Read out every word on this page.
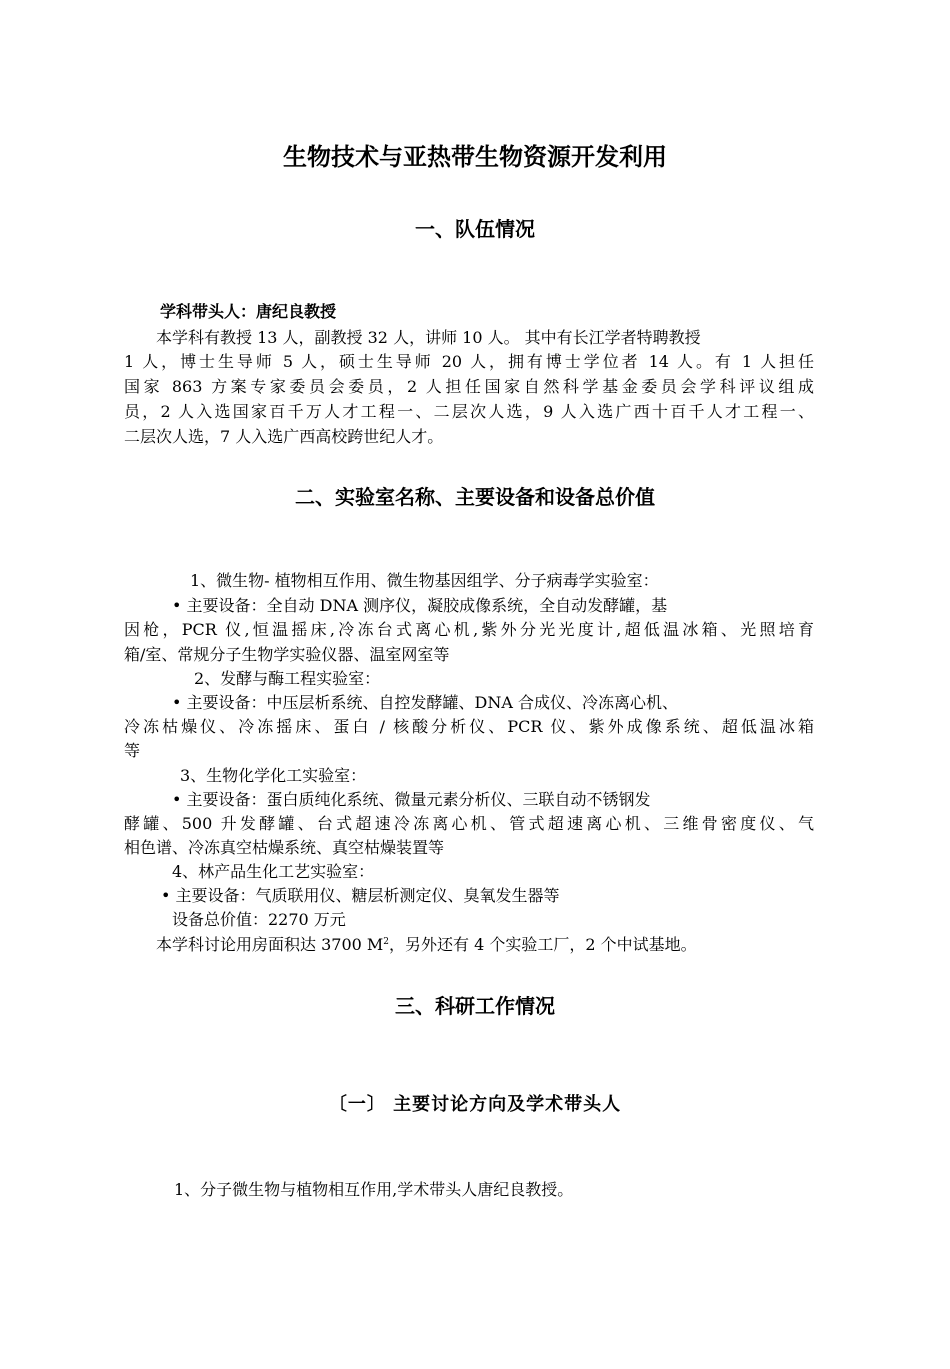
生物技术与亚热带生物资源开发利用
一、队伍情况

学科带头人：唐纪良教授

本学科有教授 13 人，副教授 32 人，讲师 10 人。 其中有长江学者特聘教授

1 人，博士生导师 5 人，硕士生导师 20 人，拥有博士学位者 14 人。有 1 人担任

国家 863 方案专家委员会委员，2 人担任国家自然科学基金委员会学科评议组成

员，2 人入选国家百千万人才工程一、二层次人选，9 人入选广西十百千人才工程一、

二层次人选，7 人入选广西高校跨世纪人才。

二、实验室名称、主要设备和设备总价值

1、微生物- 植物相互作用、微生物基因组学、分子病毒学实验室：

• 主要设备：全自动 DNA 测序仪，凝胶成像系统，全自动发酵罐，基

因枪，PCR 仪,恒温摇床,冷冻台式离心机,紫外分光光度计,超低温冰箱、光照培育

箱/室、常规分子生物学实验仪器、温室网室等

2、发酵与酶工程实验室：

• 主要设备：中压层析系统、自控发酵罐、DNA 合成仪、冷冻离心机、

冷冻枯燥仪、冷冻摇床、蛋白 / 核酸分析仪、PCR 仪、紫外成像系统、超低温冰箱

等

3、生物化学化工实验室：

• 主要设备：蛋白质纯化系统、微量元素分析仪、三联自动不锈钢发

酵罐、500 升发酵罐、台式超速冷冻离心机、管式超速离心机、三维骨密度仪、气

相色谱、冷冻真空枯燥系统、真空枯燥装置等

4、林产品生化工艺实验室：

• 主要设备：气质联用仪、糖层析测定仪、臭氧发生器等

设备总价值：2270 万元

本学科讨论用房面积达 3700 $M^2$，另外还有 4 个实验工厂，2 个中试基地。

三、科研工作情况
〔一〕 主要讨论方向及学术带头人

1、分子微生物与植物相互作用,学术带头人唐纪良教授。
